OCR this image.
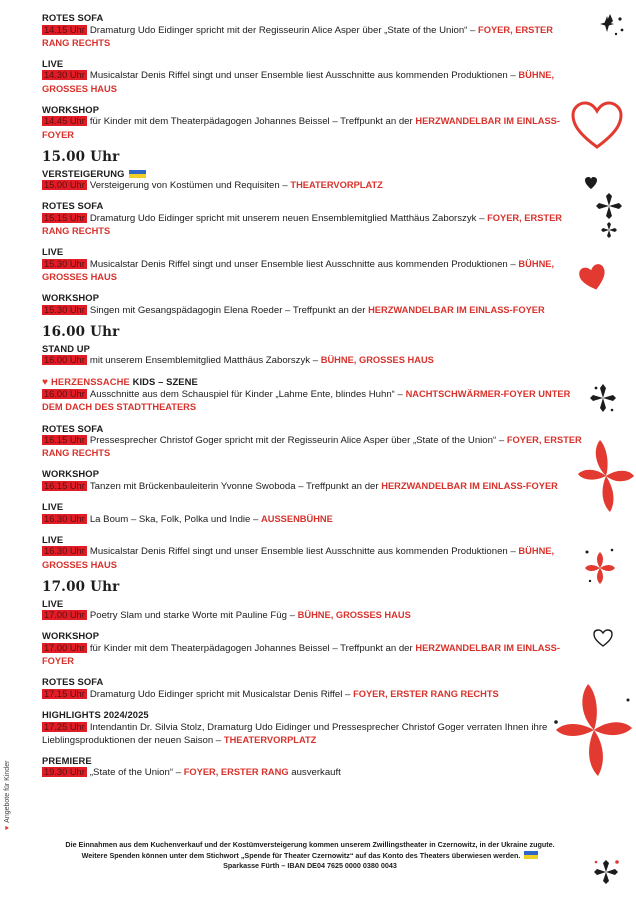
ROTES SOFA
14.15 Uhr Dramaturg Udo Eidinger spricht mit der Regisseurin Alice Asper über „State of the Union“ – FOYER, ERSTER RANG RECHTS
LIVE
14.30 Uhr Musicalstar Denis Riffel singt und unser Ensemble liest Ausschnitte aus kommenden Produktionen – BÜHNE, GROSSES HAUS
WORKSHOP
14.45 Uhr für Kinder mit dem Theaterpädagogen Johannes Beissel – Treffpunkt an der HERZWANDELBAR IM EINLASS-FOYER
15.00 Uhr
VERSTEIGERUNG
15.00 Uhr Versteigerung von Kostümen und Requisiten – THEATERVORPLATZ
ROTES SOFA
15.15 Uhr Dramaturg Udo Eidinger spricht mit unserem neuen Ensemblemitglied Matthäus Zaborszyk – FOYER, ERSTER RANG RECHTS
LIVE
15.30 Uhr Musicalstar Denis Riffel singt und unser Ensemble liest Ausschnitte aus kommenden Produktionen – BÜHNE, GROSSES HAUS
WORKSHOP
15.30 Uhr Singen mit Gesangspädagogin Elena Roeder – Treffpunkt an der HERZWANDELBAR IM EINLASS-FOYER
16.00 Uhr
STAND UP
16.00 Uhr mit unserem Ensemblemitglied Matthäus Zaborszyk – BÜHNE, GROSSES HAUS
♥ HERZENSSACHE KIDS – SZENE
16.00 Uhr Ausschnitte aus dem Schauspiel für Kinder „Lahme Ente, blindes Huhn“ – NACHTSCHWÄRMER-FOYER UNTER DEM DACH DES STADTTHEATERS
ROTES SOFA
16.15 Uhr Pressesprecher Christof Goger spricht mit der Regisseurin Alice Asper über „State of the Union“ – FOYER, ERSTER RANG RECHTS
WORKSHOP
16.15 Uhr Tanzen mit Brückenbauleiterin Yvonne Swoboda – Treffpunkt an der HERZWANDELBAR IM EINLASS-FOYER
LIVE
16.30 Uhr La Boum – Ska, Folk, Polka und Indie – AUSSENBÜHNE
LIVE
16.30 Uhr Musicalstar Denis Riffel singt und unser Ensemble liest Ausschnitte aus kommenden Produktionen – BÜHNE, GROSSES HAUS
17.00 Uhr
LIVE
17.00 Uhr Poetry Slam und starke Worte mit Pauline Füg – BÜHNE, GROSSES HAUS
WORKSHOP
17.00 Uhr für Kinder mit dem Theaterpädagogen Johannes Beissel – Treffpunkt an der HERZWANDELBAR IM EINLASS-FOYER
ROTES SOFA
17.15 Uhr Dramaturg Udo Eidinger spricht mit Musicalstar Denis Riffel – FOYER, ERSTER RANG RECHTS
HIGHLIGHTS 2024/2025
17.25 Uhr Intendantin Dr. Silvia Stolz, Dramaturg Udo Eidinger und Pressesprecher Christof Goger verraten Ihnen ihre Lieblingsproduktionen der neuen Saison – THEATERVORPLATZ
PREMIERE
19.30 Uhr „State of the Union“ – FOYER, ERSTER RANG ausverkauft
Die Einnahmen aus dem Kuchenverkauf und der Kostümversteigerung kommen unserem Zwillingstheater in Czernowitz, in der Ukraine zugute.
Weitere Spenden können unter dem Stichwort „Spende für Theater Czernowitz“ auf das Konto des Theaters überwiesen werden.
Sparkasse Fürth – IBAN DE04 7625 0000 0380 0043
♥Angebote für Kinder
